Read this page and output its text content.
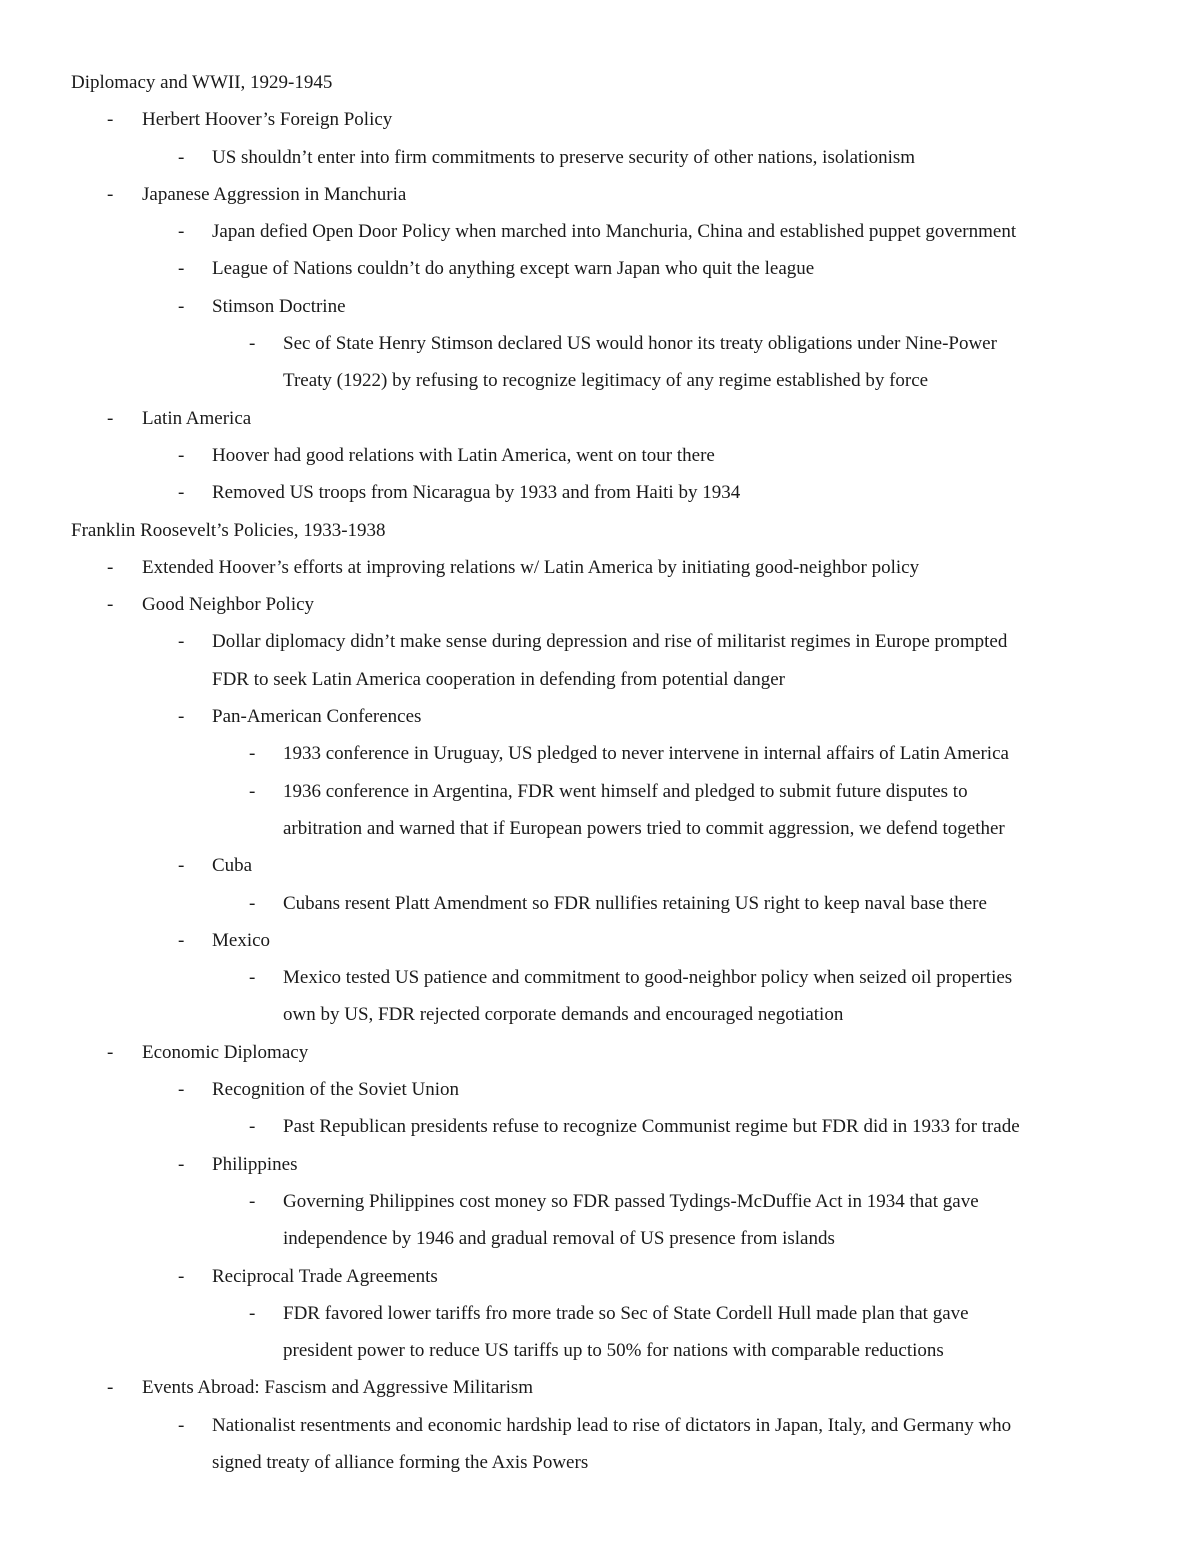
Diplomacy and WWII, 1929-1945
- Herbert Hoover’s Foreign Policy
- US shouldn’t enter into firm commitments to preserve security of other nations, isolationism
- Japanese Aggression in Manchuria
- Japan defied Open Door Policy when marched into Manchuria, China and established puppet government
- League of Nations couldn’t do anything except warn Japan who quit the league
- Stimson Doctrine
- Sec of State Henry Stimson declared US would honor its treaty obligations under Nine-Power
Treaty (1922) by refusing to recognize legitimacy of any regime established by force
- Latin America
- Hoover had good relations with Latin America, went on tour there
- Removed US troops from Nicaragua by 1933 and from Haiti by 1934
Franklin Roosevelt’s Policies, 1933-1938
- Extended Hoover’s efforts at improving relations w/ Latin America by initiating good-neighbor policy
- Good Neighbor Policy
- Dollar diplomacy didn’t make sense during depression and rise of militarist regimes in Europe prompted
FDR to seek Latin America cooperation in defending from potential danger
- Pan-American Conferences
- 1933 conference in Uruguay, US pledged to never intervene in internal affairs of Latin America
- 1936 conference in Argentina, FDR went himself and pledged to submit future disputes to
arbitration and warned that if European powers tried to commit aggression, we defend together
- Cuba
- Cubans resent Platt Amendment so FDR nullifies retaining US right to keep naval base there
- Mexico
- Mexico tested US patience and commitment to good-neighbor policy when seized oil properties
own by US, FDR rejected corporate demands and encouraged negotiation
- Economic Diplomacy
- Recognition of the Soviet Union
- Past Republican presidents refuse to recognize Communist regime but FDR did in 1933 for trade
- Philippines
- Governing Philippines cost money so FDR passed Tydings-McDuffie Act in 1934 that gave
independence by 1946 and gradual removal of US presence from islands
- Reciprocal Trade Agreements
- FDR favored lower tariffs fro more trade so Sec of State Cordell Hull made plan that gave
president power to reduce US tariffs up to 50% for nations with comparable reductions
- Events Abroad: Fascism and Aggressive Militarism
- Nationalist resentments and economic hardship lead to rise of dictators in Japan, Italy, and Germany who
signed treaty of alliance forming the Axis Powers
